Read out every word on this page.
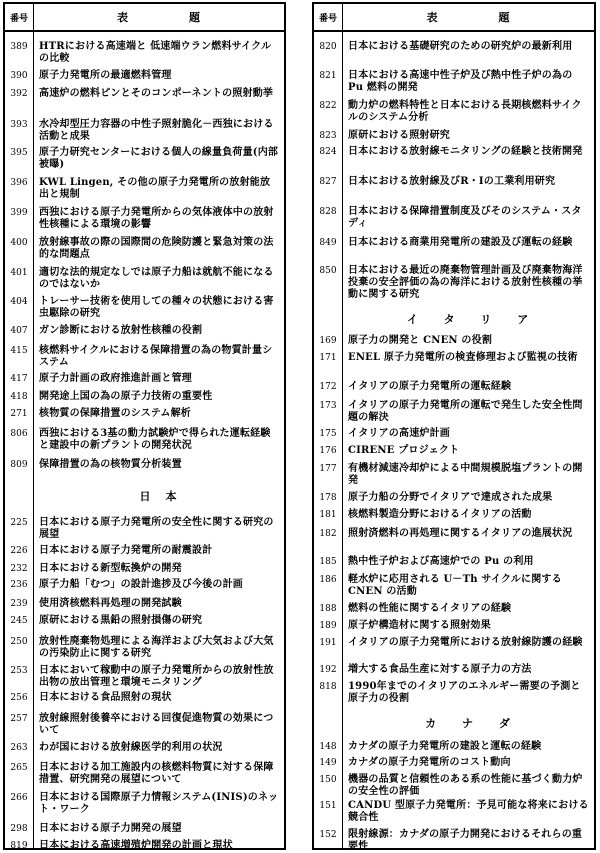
番号	表　　　　　題
389	HTRにおける高速端と 低速端ウラン燃料サイクルの比較
390	原子力発電所の最適燃料管理
392	高速炉の燃料ピンとそのコンポーネントの照射動挙
393	水冷却型圧力容器の中性子照射脆化－西独における活動と成果
395	原子力研究センターにおける個人の線量負荷量(内部被曝)
396	KWL Lingen, その他の原子力発電所の放射能放出と規制
399	西独における原子力発電所からの気体液体中の放射性核種による環境の影響
400	放射線事故の際の国際間の危険防護と緊急対策の法的な問題点
401	適切な法的規定なしでは原子力船は就航不能になるのではないか
404	トレーサー技術を使用しての種々の状態における害虫駆除の研究
407	ガン診断における放射性核種の役割
415	核燃料サイクルにおける保障措置の為の物質計量システム
417	原子力計画の政府推進計画と管理
418	開発途上国の為の原子力技術の重要性
271	核物質の保障措置のシステム解析
806	西独における3基の動力試験炉で得られた運転経験と建設中の新プラントの開発状況
809	保障措置の為の核物質分析装置
225	日本における原子力発電所の安全性に関する研究の展望
226	日本における原子力発電所の耐震設計
232	日本における新型転換炉の開発
236	原子力船「むつ」の設計進捗及び今後の計画
239	使用済核燃料再処理の開発試験
245	原研における黒鉛の照射損傷の研究
250	放射性廃棄物処理による海洋および大気および大気の汚染防止に関する研究
253	日本において稼動中の原子力発電所からの放射性放出物の放出管理と環境モニタリング
256	日本における食品照射の現状
257	放射線照射後養卒における回復促進物質の効果について
263	わが国における放射線医学的利用の状況
265	日本における加工施設内の核燃料物質に対する保障措置、研究開発の展望について
266	日本における国際原子力情報システム(INIS)のネット・ワーク
298	日本における原子力開発の展望
819	日本における高速増殖炉開発の計画と現状
日　本
番号	表　　　　　題
820	日本における基礎研究のための研究炉の最新利用
821	日本における高速中性子炉及び熱中性子炉の為の Pu 燃料の開発
822	動力炉の燃料特性と日本における長期核燃料サイクルのシステム分析
823	原研における照射研究
824	日本における放射線モニタリングの経験と技術開発
827	日本における放射線及びR・Iの工業利用研究
828	日本における保障措置制度及びそのシステム・スタディ
849	日本における商業用発電所の建設及び運転の経験
850	日本における最近の廃棄物管理計画及び廃棄物海洋投棄の安全評価の為の海洋における放射性核種の挙動に関する研究
169	原子力の開発と CNEN の役割
171	ENEL 原子力発電所の検査修理および監視の技術
172	イタリアの原子力発電所の運転経験
173	イタリアの原子力発電所の運転で発生した安全性問題の解決
175	イタリアの高速炉計画
176	CIRENE プロジェクト
177	有機材減速冷却炉による中間規模脱塩プラントの開発
178	原子力船の分野でイタリアで達成された成果
181	核燃料製造分野におけるイタリアの活動
182	照射済燃料の再処理に関するイタリアの進展状況
185	熱中性子炉および高速炉での Pu の利用
186	軽水炉に応用される U－Th サイクルに関する CNEN の活動
188	燃料の性能に関するイタリアの経験
189	原子炉構造材に関する照射効果
191	イタリアの原子力発電所における放射線防護の経験
192	増大する食品生産に対する原子力の方法
818	1990年までのイタリアのエネルギー需要の予測と原子力の役割
148	カナダの原子力発電所の建設と運転の経験
149	カナダの原子力発電所のコスト動向
150	機器の品質と信頼性のある系の性能に基づく動力炉の安全性の評価
151	CANDU 型原子力発電所：予見可能な将来における競合性
152	限射線源：カナダの原子力開発におけるそれらの重要性
イ タ リ ア
カ ナ ダ
